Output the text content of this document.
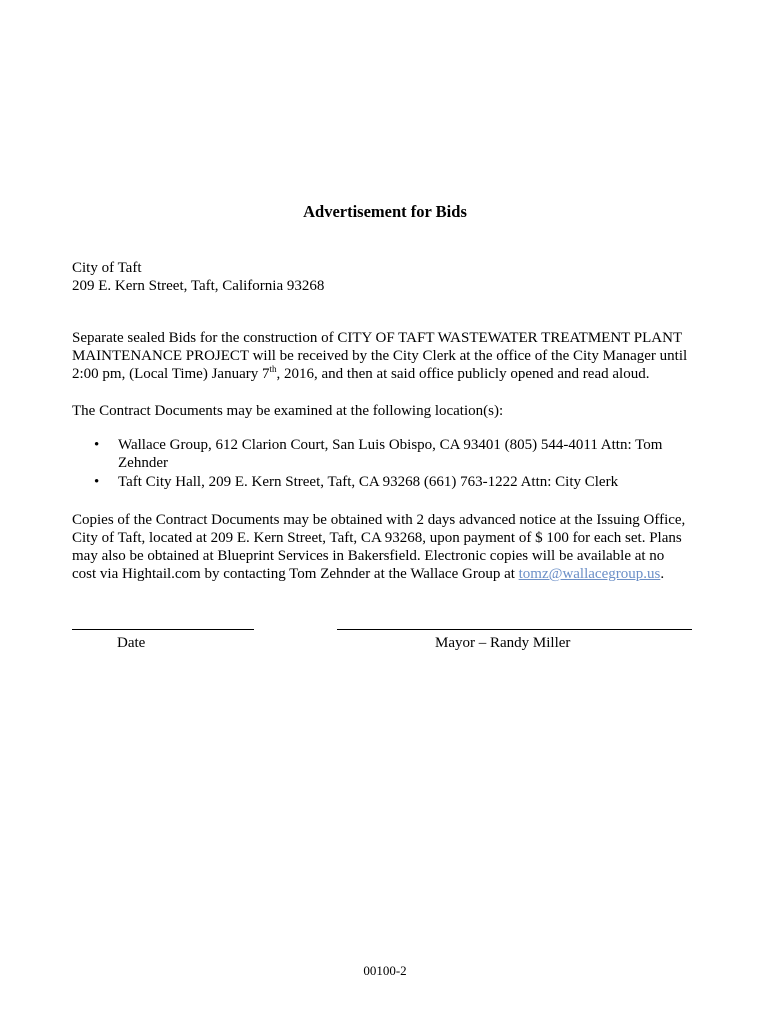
Advertisement for Bids
City of Taft
209 E. Kern Street, Taft, California 93268
Separate sealed Bids for the construction of CITY OF TAFT WASTEWATER TREATMENT PLANT
MAINTENANCE PROJECT will be received by the City Clerk at the office of the City Manager until
2:00 pm, (Local Time) January 7th, 2016, and then at said office publicly opened and read aloud.
The Contract Documents may be examined at the following location(s):
• Wallace Group, 612 Clarion Court, San Luis Obispo, CA 93401 (805) 544-4011 Attn: Tom
Zehnder
• Taft City Hall, 209 E. Kern Street, Taft, CA 93268 (661) 763-1222 Attn: City Clerk
Copies of the Contract Documents may be obtained with 2 days advanced notice at the Issuing Office,
City of Taft, located at 209 E. Kern Street, Taft, CA 93268, upon payment of $ 100 for each set. Plans
may also be obtained at Blueprint Services in Bakersfield. Electronic copies will be available at no
cost via Hightail.com by contacting Tom Zehnder at the Wallace Group at tomz@wallacegroup.us.
Date	Mayor – Randy Miller
00100-2
